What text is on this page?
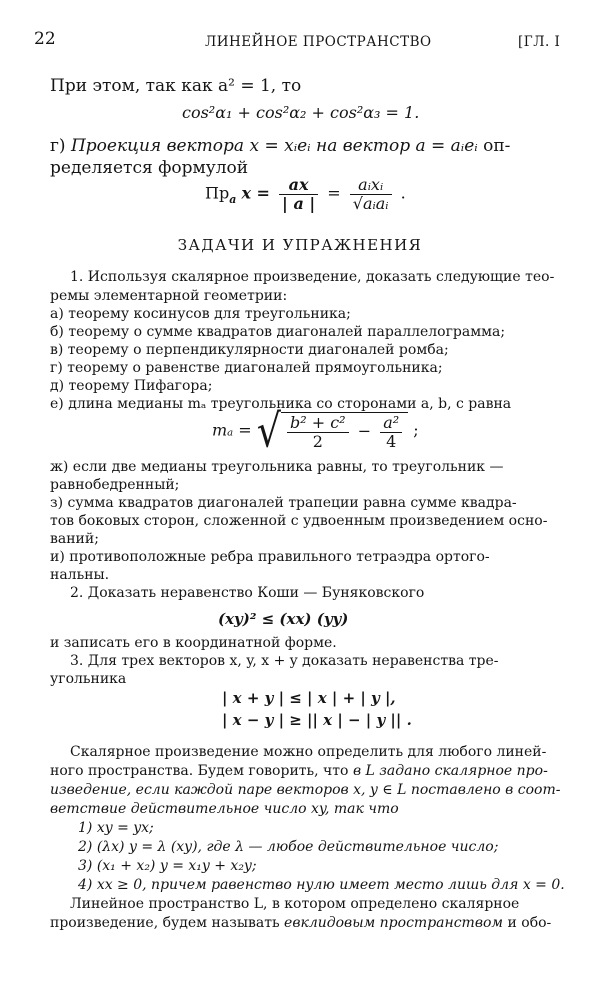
22	ЛИНЕЙНОЕ ПРОСТРАНСТВО	[ГЛ. I
При этом, так как a² = 1, то
cos²α₁ + cos²α₂ + cos²α₃ = 1.
г) Проекция вектора x = xᵢeᵢ на вектор a = aᵢeᵢ оп-
ределяется формулой
$Пр_a$ $x = \frac{ax}{| a |} = \frac{\text{aᵢxᵢ}}{\text{√aᵢaᵢ}}$ .
ЗАДАЧИ И УПРАЖНЕНИЯ
1. Используя скалярное произведение, доказать следующие тео-
ремы элементарной геометрии:
а) теорему косинусов для треугольника;
б) теорему о сумме квадратов диагоналей параллелограмма;
в) теорему о перпендикулярности диагоналей ромба;
г) теорему о равенстве диагоналей прямоугольника;
д) теорему Пифагора;
е) длина медианы mₐ треугольника со сторонами a, b, c равна
mₐ = √ $\frac{\text{b² + c²}}{2} - \frac{\text{a²}}{4}$ ;
ж) если две медианы треугольника равны, то треугольник —
равнобедренный;
з) сумма квадратов диагоналей трапеции равна сумме квадра-
тов боковых сторон, сложенной с удвоенным произведением осно-
ваний;
и) противоположные ребра правильного тетраэдра ортого-
нальны.
2. Доказать неравенство Коши — Буняковского
(xy)² ≤ (xx) (yy)
и записать его в координатной форме.
3. Для трех векторов x, y, x + y доказать неравенства тре-
угольника
| x + y | ≤ | x | + | y |,
| x − y | ≥ || x | − | y || .
Скалярное произведение можно определить для любого линей-
ного пространства. Будем говорить, что в L задано скалярное про-
изведение, если каждой паре векторов x, y ∈ L поставлено в соот-
ветствие действительное число xy, так что
1) xy = yx;
2) (λx) y = λ (xy), где λ — любое действительное число;
3) (x₁ + x₂) y = x₁y + x₂y;
4) xx ≥ 0, причем равенство нулю имеет место лишь для x = 0.
Линейное пространство L, в котором определено скалярное
произведение, будем называть евклидовым пространством и обо-
